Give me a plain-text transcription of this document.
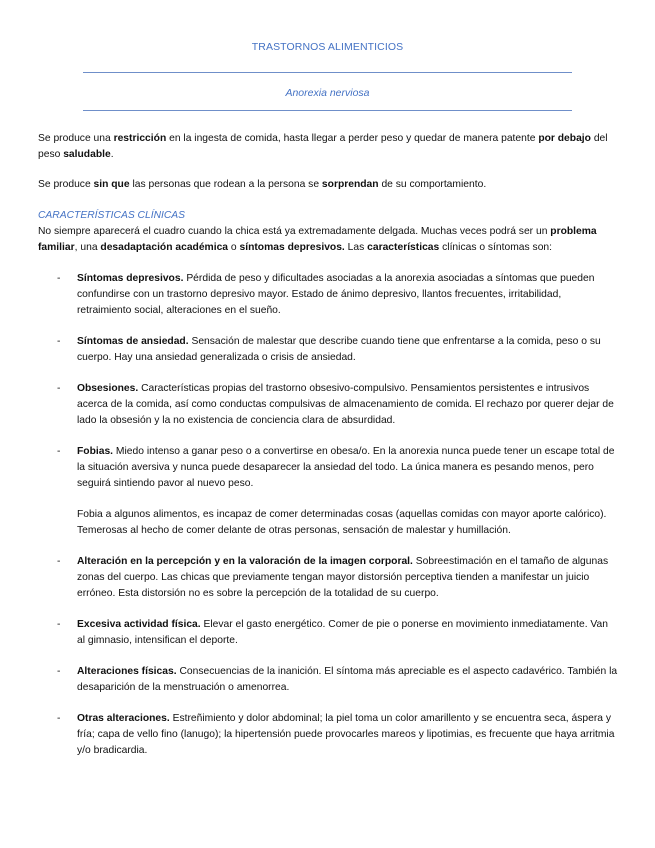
TRASTORNOS ALIMENTICIOS
Anorexia nerviosa

Se produce una restricción en la ingesta de comida, hasta llegar a perder peso y quedar de manera patente por debajo del peso saludable.

Se produce sin que las personas que rodean a la persona se sorprendan de su comportamiento.

CARACTERÍSTICAS CLÍNICAS

No siempre aparecerá el cuadro cuando la chica está ya extremadamente delgada. Muchas veces podrá ser un problema familiar, una desadaptación académica o síntomas depresivos. Las características clínicas o síntomas son:

- Síntomas depresivos. Pérdida de peso y dificultades asociadas a la anorexia asociadas a síntomas que pueden confundirse con un trastorno depresivo mayor. Estado de ánimo depresivo, llantos frecuentes, irritabilidad, retraimiento social, alteraciones en el sueño.

- Síntomas de ansiedad. Sensación de malestar que describe cuando tiene que enfrentarse a la comida, peso o su cuerpo. Hay una ansiedad generalizada o crisis de ansiedad.

- Obsesiones. Características propias del trastorno obsesivo-compulsivo. Pensamientos persistentes e intrusivos acerca de la comida, así como conductas compulsivas de almacenamiento de comida. El rechazo por querer dejar de lado la obsesión y la no existencia de conciencia clara de absurdidad.

- Fobias. Miedo intenso a ganar peso o a convertirse en obesa/o. En la anorexia nunca puede tener un escape total de la situación aversiva y nunca puede desaparecer la ansiedad del todo. La única manera es pesando menos, pero seguirá sintiendo pavor al nuevo peso.

Fobia a algunos alimentos, es incapaz de comer determinadas cosas (aquellas comidas con mayor aporte calórico). Temerosas al hecho de comer delante de otras personas, sensación de malestar y humillación.

- Alteración en la percepción y en la valoración de la imagen corporal. Sobreestimación en el tamaño de algunas zonas del cuerpo. Las chicas que previamente tengan mayor distorsión perceptiva tienden a manifestar un juicio erróneo. Esta distorsión no es sobre la percepción de la totalidad de su cuerpo.

- Excesiva actividad física. Elevar el gasto energético. Comer de pie o ponerse en movimiento inmediatamente. Van al gimnasio, intensifican el deporte.

- Alteraciones físicas. Consecuencias de la inanición. El síntoma más apreciable es el aspecto cadavérico. También la desaparición de la menstruación o amenorrea.

- Otras alteraciones. Estreñimiento y dolor abdominal; la piel toma un color amarillento y se encuentra seca, áspera y fría; capa de vello fino (lanugo); la hipertensión puede provocarles mareos y lipotimias, es frecuente que haya arritmia y/o bradicardia.
